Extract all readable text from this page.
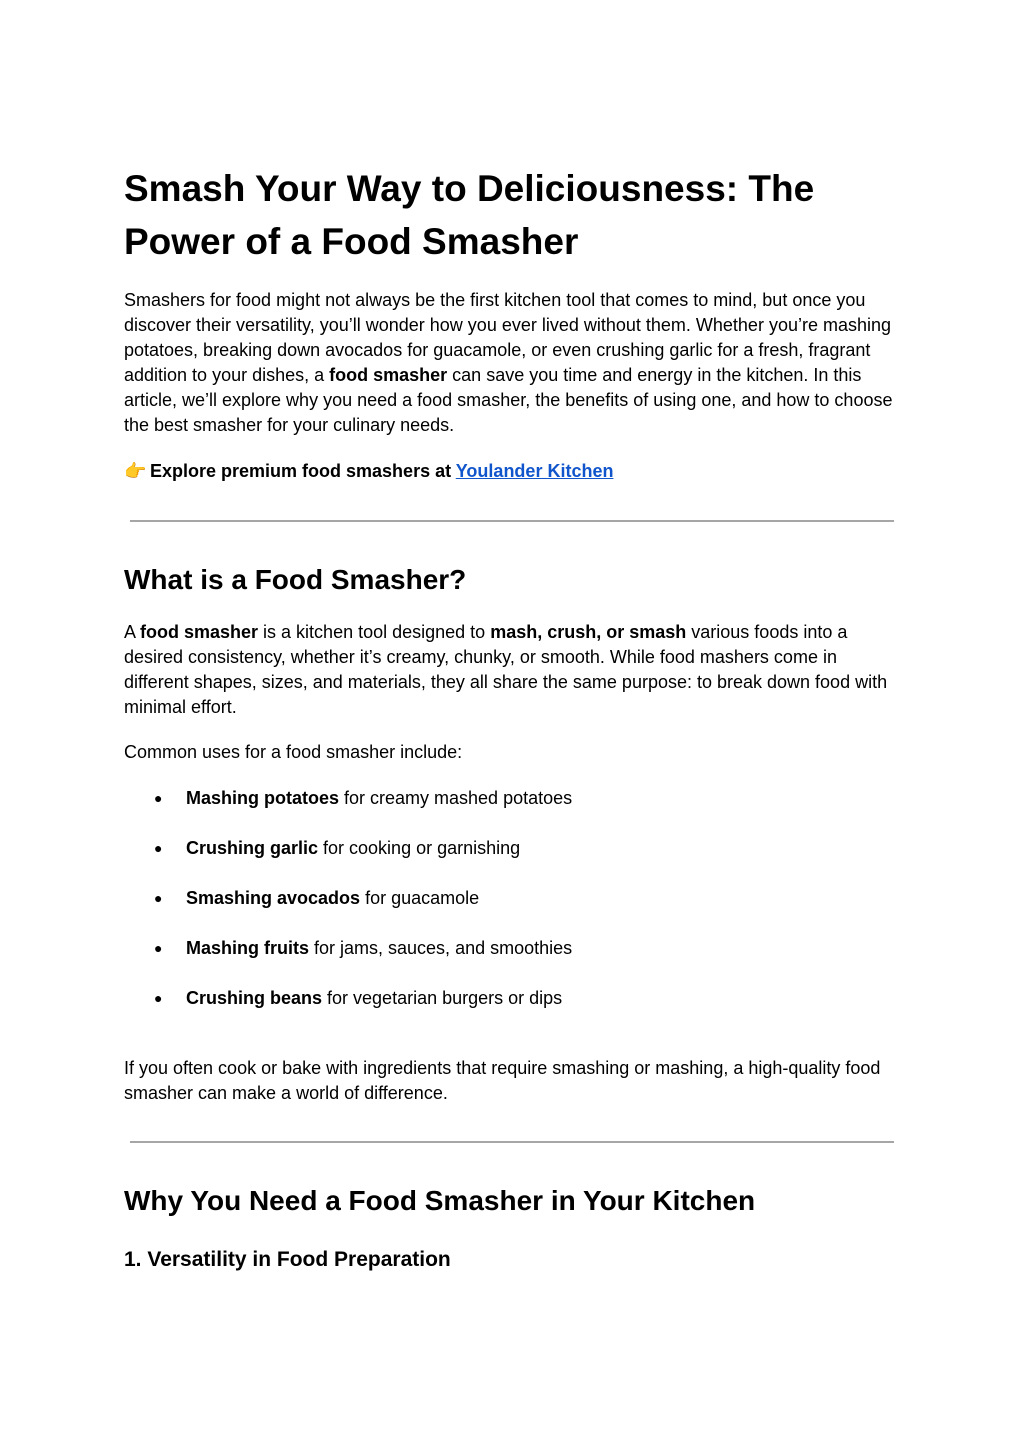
Smash Your Way to Deliciousness: The Power of a Food Smasher

Smashers for food might not always be the first kitchen tool that comes to mind, but once you discover their versatility, you’ll wonder how you ever lived without them. Whether you’re mashing potatoes, breaking down avocados for guacamole, or even crushing garlic for a fresh, fragrant addition to your dishes, a food smasher can save you time and energy in the kitchen. In this article, we’ll explore why you need a food smasher, the benefits of using one, and how to choose the best smasher for your culinary needs.

👉 Explore premium food smashers at Youlander Kitchen

What is a Food Smasher?

A food smasher is a kitchen tool designed to mash, crush, or smash various foods into a desired consistency, whether it’s creamy, chunky, or smooth. While food mashers come in different shapes, sizes, and materials, they all share the same purpose: to break down food with minimal effort.

Common uses for a food smasher include:

● Mashing potatoes for creamy mashed potatoes
● Crushing garlic for cooking or garnishing
● Smashing avocados for guacamole
● Mashing fruits for jams, sauces, and smoothies
● Crushing beans for vegetarian burgers or dips

If you often cook or bake with ingredients that require smashing or mashing, a high-quality food smasher can make a world of difference.

Why You Need a Food Smasher in Your Kitchen
1. Versatility in Food Preparation
